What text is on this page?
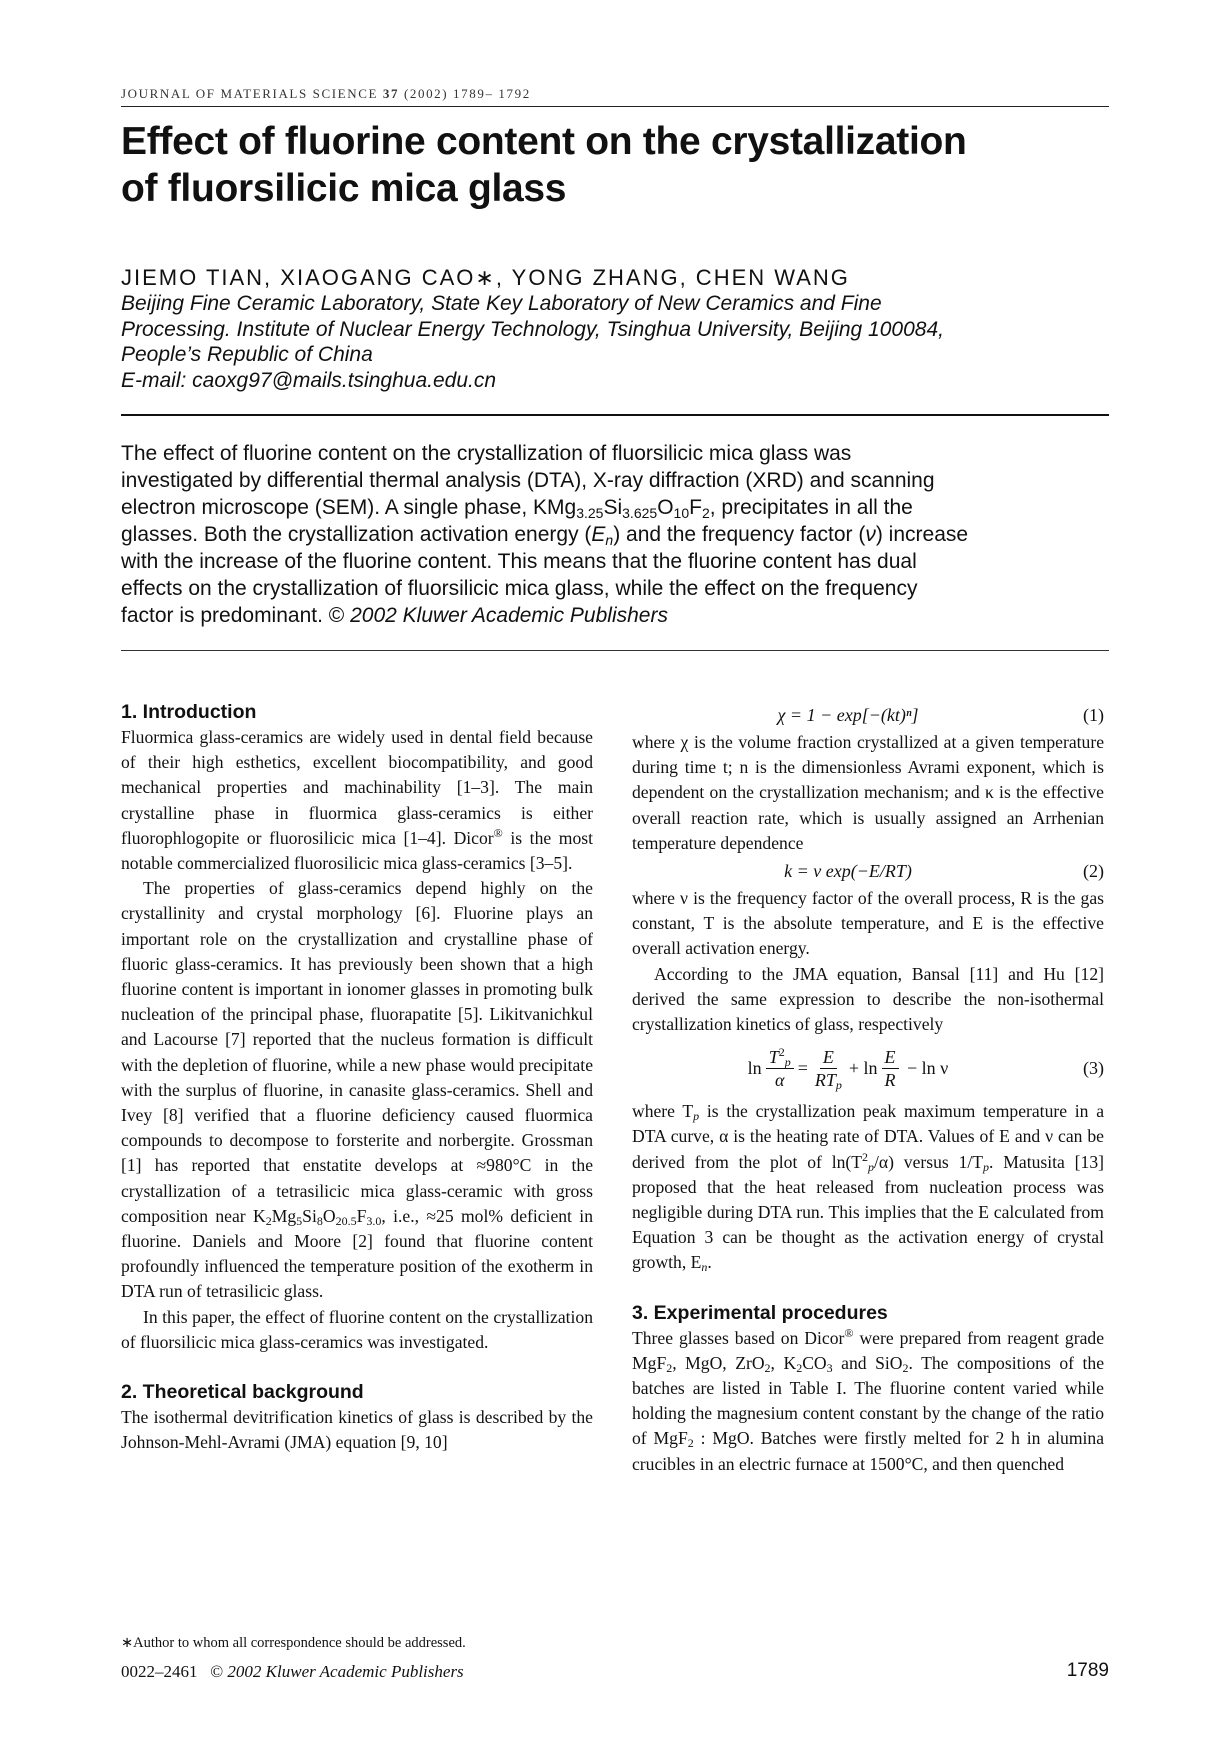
JOURNAL OF MATERIALS SCIENCE 37 (2002) 1789– 1792
Effect of fluorine content on the crystallization
of fluorsilicic mica glass
JIEMO TIAN, XIAOGANG CAO∗, YONG ZHANG, CHEN WANG
Beijing Fine Ceramic Laboratory, State Key Laboratory of New Ceramics and Fine
Processing. Institute of Nuclear Energy Technology, Tsinghua University, Beijing 100084,
People’s Republic of China
E-mail: caoxg97@mails.tsinghua.edu.cn
The effect of fluorine content on the crystallization of fluorsilicic mica glass was
investigated by differential thermal analysis (DTA), X-ray diffraction (XRD) and scanning
electron microscope (SEM). A single phase, $KMg_{3.25}Si_{3.625}O_{10}F_2$, precipitates in all the
glasses. Both the crystallization activation energy $(E_n)$ and the frequency factor (ν) increase
with the increase of the fluorine content. This means that the fluorine content has dual
effects on the crystallization of fluorsilicic mica glass, while the effect on the frequency
factor is predominant. © 2002 Kluwer Academic Publishers
1. Introduction

Fluormica glass-ceramics are widely used in dental field because of their high esthetics, excellent biocompatibility, and good mechanical properties and machinability [1–3]. The main crystalline phase in fluormica glass-ceramics is either fluorophlogopite or fluorosilicic mica [1–4]. Dicor® is the most notable commercialized fluorosilicic mica glass-ceramics [3–5].

The properties of glass-ceramics depend highly on the crystallinity and crystal morphology [6]. Fluorine plays an important role on the crystallization and crystalline phase of fluoric glass-ceramics. It has previously been shown that a high fluorine content is important in ionomer glasses in promoting bulk nucleation of the principal phase, fluorapatite [5]. Likitvanichkul and Lacourse [7] reported that the nucleus formation is difficult with the depletion of fluorine, while a new phase would precipitate with the surplus of fluorine, in canasite glass-ceramics. Shell and Ivey [8] verified that a fluorine deficiency caused fluormica compounds to decompose to forsterite and norbergite. Grossman [1] has reported that enstatite develops at ≈980°C in the crystallization of a tetrasilicic mica glass-ceramic with gross composition near $K_2Mg_5Si_8O_{20.5}F_{3.0}$, i.e., ≈25 mol% deficient in fluorine. Daniels and Moore [2] found that fluorine content profoundly influenced the temperature position of the exotherm in DTA run of tetrasilicic glass.

In this paper, the effect of fluorine content on the crystallization of fluorsilicic mica glass-ceramics was investigated.

2. Theoretical background

The isothermal devitrification kinetics of glass is described by the Johnson-Mehl-Avrami (JMA) equation [9, 10]

χ = 1 − exp[−(kt)ⁿ]	(1)

where χ is the volume fraction crystallized at a given temperature during time t; n is the dimensionless Avrami exponent, which is dependent on the crystallization mechanism; and κ is the effective overall reaction rate, which is usually assigned an Arrhenian temperature dependence

k = ν exp(−E/RT)	(2)

where ν is the frequency factor of the overall process, R is the gas constant, T is the absolute temperature, and E is the effective overall activation energy.

According to the JMA equation, Bansal [11] and Hu [12] derived the same expression to describe the non-isothermal crystallization kinetics of glass, respectively

$\ln \frac{T^2_p}{\alpha} = \frac{E}{RT_p} + \ln \frac{E}{R}$
− ln ν	(3)

where $T_p$ is the crystallization peak maximum temperature in a DTA curve, α is the heating rate of DTA. Values of E and ν can be derived from the plot of $\ln(T^2_p/\alpha)$ versus $1/T_p$. Matusita [13] proposed that the heat released from nucleation process was negligible during DTA run. This implies that the E calculated from Equation 3 can be thought as the activation energy of crystal growth, $E_n$.

3. Experimental procedures

Three glasses based on Dicor® were prepared from reagent grade MgF$_2$, MgO, ZrO$_2$, $K_2CO_3$ and SiO$_2$. The compositions of the batches are listed in Table I. The fluorine content varied while holding the magnesium content constant by the change of the ratio of MgF$_2$ : MgO. Batches were firstly melted for 2 h in alumina crucibles in an electric furnace at 1500°C, and then quenched

∗Author to whom all correspondence should be addressed.
0022–2461 © 2002 Kluwer Academic Publishers	1789
